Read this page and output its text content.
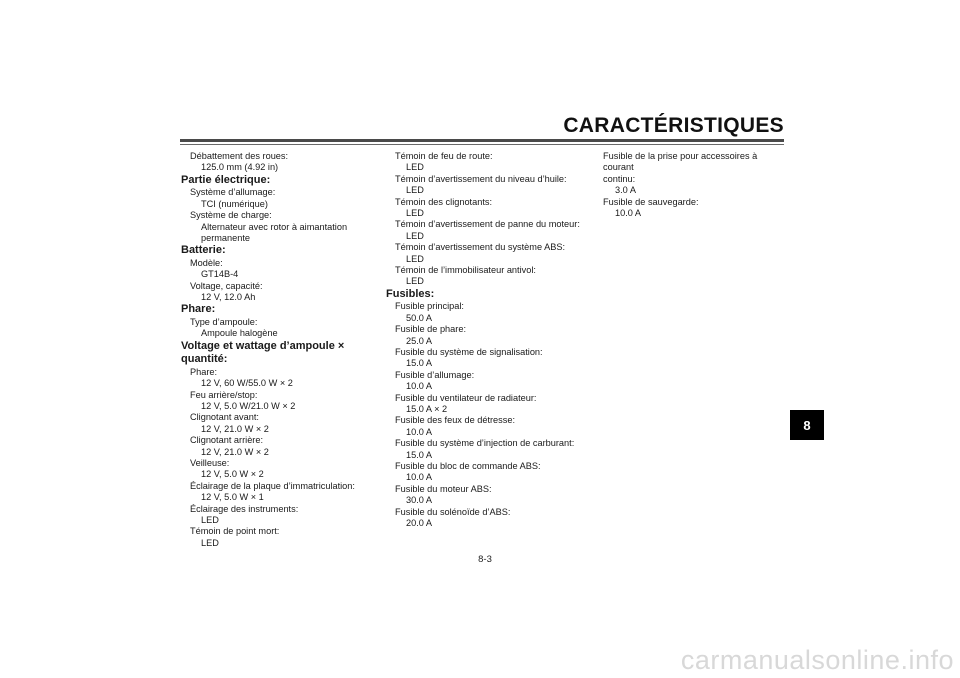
CARACTÉRISTIQUES
Débattement des roues:
125.0 mm (4.92 in)
Partie électrique:
Système d’allumage:
TCI (numérique)
Système de charge:
Alternateur avec rotor à aimantation
permanente
Batterie:
Modèle:
GT14B-4
Voltage, capacité:
12 V, 12.0 Ah
Phare:
Type d’ampoule:
Ampoule halogène
Voltage et wattage d’ampoule × quantité:
Phare:
12 V, 60 W/55.0 W × 2
Feu arrière/stop:
12 V, 5.0 W/21.0 W × 2
Clignotant avant:
12 V, 21.0 W × 2
Clignotant arrière:
12 V, 21.0 W × 2
Veilleuse:
12 V, 5.0 W × 2
Éclairage de la plaque d’immatriculation:
12 V, 5.0 W × 1
Éclairage des instruments:
LED
Témoin de point mort:
LED
Témoin de feu de route:
LED
Témoin d’avertissement du niveau d’huile:
LED
Témoin des clignotants:
LED
Témoin d’avertissement de panne du moteur:
LED
Témoin d’avertissement du système ABS:
LED
Témoin de l’immobilisateur antivol:
LED
Fusibles:
Fusible principal:
50.0 A
Fusible de phare:
25.0 A
Fusible du système de signalisation:
15.0 A
Fusible d’allumage:
10.0 A
Fusible du ventilateur de radiateur:
15.0 A × 2
Fusible des feux de détresse:
10.0 A
Fusible du système d’injection de carburant:
15.0 A
Fusible du bloc de commande ABS:
10.0 A
Fusible du moteur ABS:
30.0 A
Fusible du solénoïde d’ABS:
20.0 A
Fusible de la prise pour accessoires à courant
continu:
3.0 A
Fusible de sauvegarde:
10.0 A
8
8-3
carmanualsonline.info
